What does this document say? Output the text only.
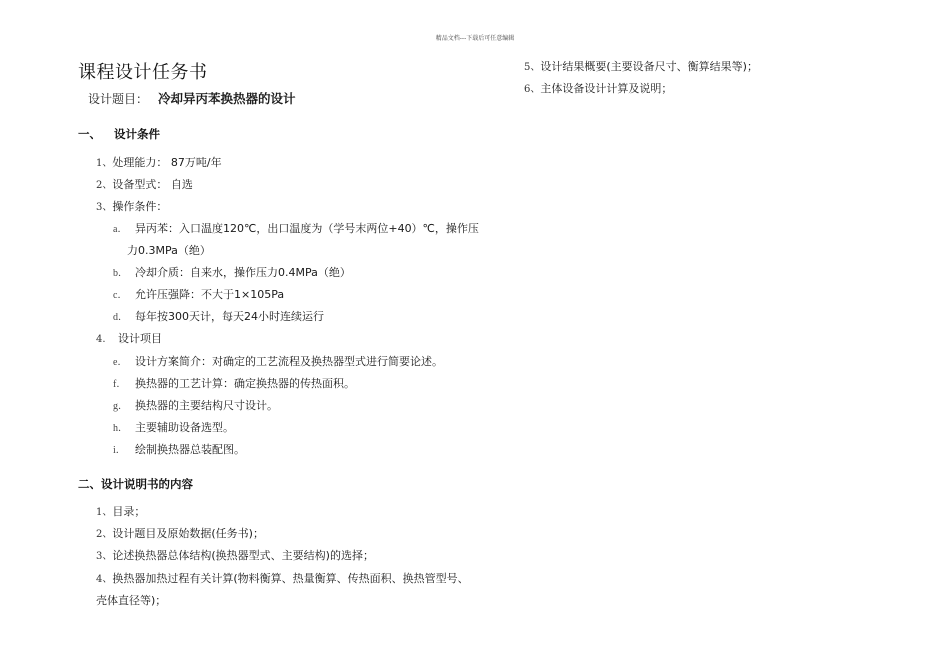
精品文档---下载后可任意编辑
课程设计任务书
设计题目： 冷却异丙苯换热器的设计
一、 设计条件
1、处理能力： 87万吨/年
2、设备型式： 自选
3、操作条件：
a． 异丙苯：入口温度120℃，出口温度为（学号末两位+40）℃，操作压
力0.3MPa（绝）
b． 冷却介质：自来水，操作压力0.4MPa（绝）
c． 允许压强降：不大于1×105Pa
d． 每年按300天计，每天24小时连续运行
4. 设计项目
e． 设计方案简介：对确定的工艺流程及换热器型式进行简要论述。
f． 换热器的工艺计算：确定换热器的传热面积。
g． 换热器的主要结构尺寸设计。
h． 主要辅助设备选型。
i． 绘制换热器总装配图。
二、设计说明书的内容
1、目录；
2、设计题目及原始数据(任务书)；
3、论述换热器总体结构(换热器型式、主要结构)的选择；
4、换热器加热过程有关计算(物料衡算、热量衡算、传热面积、换热管型号、
壳体直径等)；
5、设计结果概要(主要设备尺寸、衡算结果等)；
6、主体设备设计计算及说明；
